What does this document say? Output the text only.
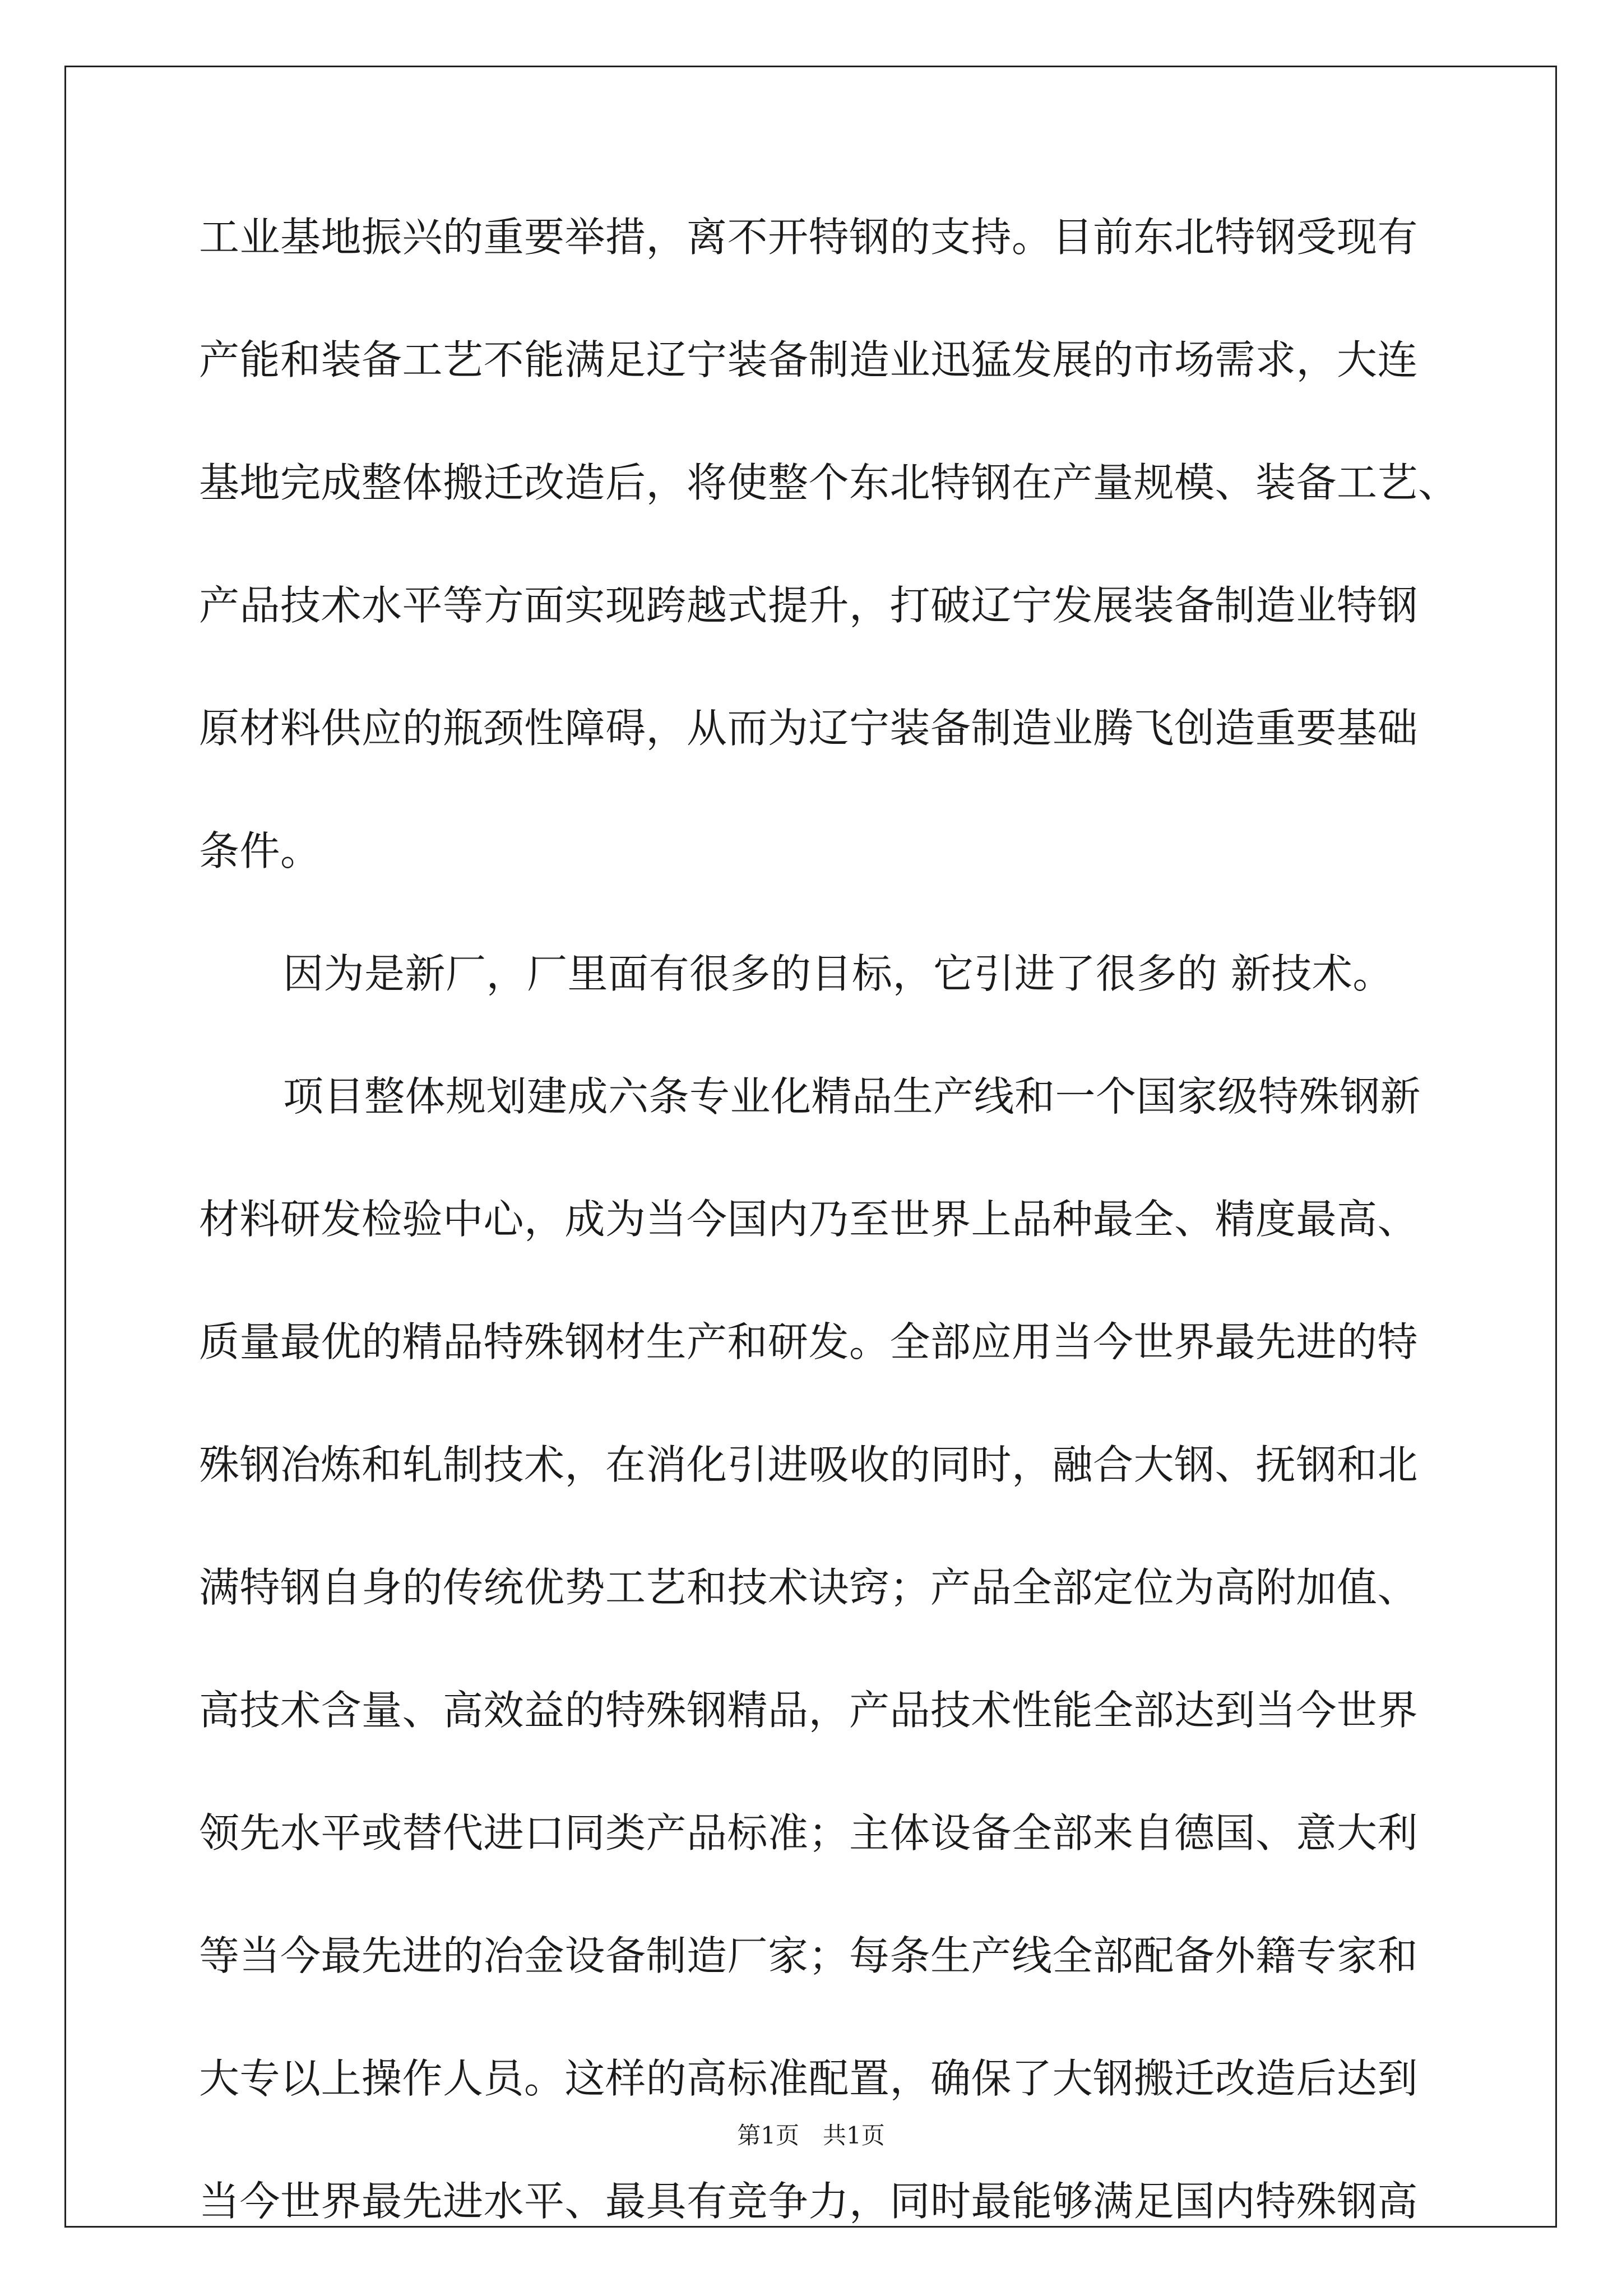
工业基地振兴的重要举措，离不开特钢的支持。目前东北特钢受现有
产能和装备工艺不能满足辽宁装备制造业迅猛发展的市场需求，大连
基地完成整体搬迁改造后，将使整个东北特钢在产量规模、装备工艺、
产品技术水平等方面实现跨越式提升，打破辽宁发展装备制造业特钢
原材料供应的瓶颈性障碍，从而为辽宁装备制造业腾飞创造重要基础
条件。
因为是新厂，厂里面有很多的目标，它引进了很多的 新技术。
项目整体规划建成六条专业化精品生产线和一个国家级特殊钢新
材料研发检验中心，成为当今国内乃至世界上品种最全、精度最高、
质量最优的精品特殊钢材生产和研发。全部应用当今世界最先进的特
殊钢冶炼和轧制技术，在消化引进吸收的同时，融合大钢、抚钢和北
满特钢自身的传统优势工艺和技术诀窍；产品全部定位为高附加值、
高技术含量、高效益的特殊钢精品，产品技术性能全部达到当今世界
领先水平或替代进口同类产品标准；主体设备全部来自德国、意大利
等当今最先进的冶金设备制造厂家；每条生产线全部配备外籍专家和
大专以上操作人员。这样的高标准配置，确保了大钢搬迁改造后达到
当今世界最先进水平、最具有竞争力，同时最能够满足国内特殊钢高
第1页　共1页
